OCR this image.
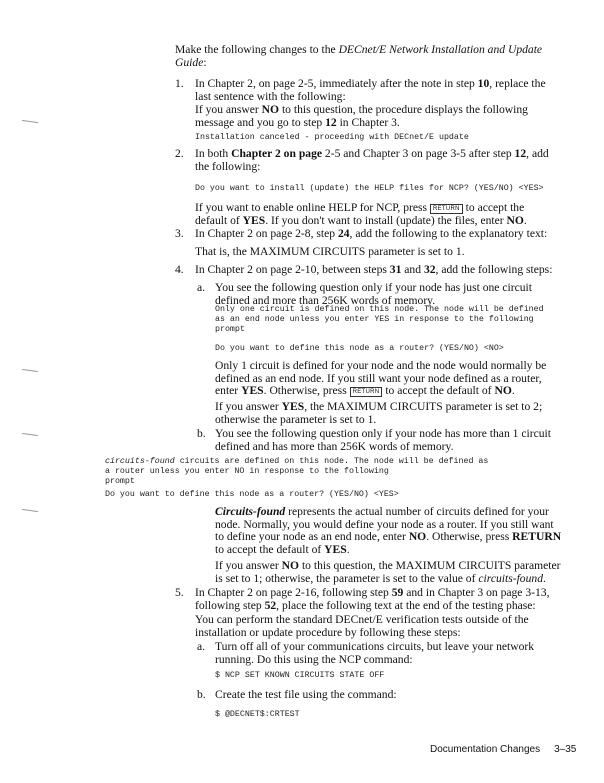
Make the following changes to the DECnet/E Network Installation and Update Guide:
1. In Chapter 2, on page 2-5, immediately after the note in step 10, replace the last sentence with the following:
If you answer NO to this question, the procedure displays the following message and you go to step 12 in Chapter 3.
Installation canceled - proceeding with DECnet/E update
2. In both Chapter 2 on page 2-5 and Chapter 3 on page 3-5 after step 12, add the following:
Do you want to install (update) the HELP files for NCP? (YES/NO) <YES>
If you want to enable online HELP for NCP, press RETURN to accept the default of YES. If you don't want to install (update) the files, enter NO.
3. In Chapter 2 on page 2-8, step 24, add the following to the explanatory text:
That is, the MAXIMUM CIRCUITS parameter is set to 1.
4. In Chapter 2 on page 2-10, between steps 31 and 32, add the following steps:
a. You see the following question only if your node has just one circuit defined and more than 256K words of memory.
Only one circuit is defined on this node. The node will be defined
as an end node unless you enter YES in response to the following
prompt
Do you want to define this node as a router? (YES/NO) <NO>
Only 1 circuit is defined for your node and the node would normally be defined as an end node. If you still want your node defined as a router, enter YES. Otherwise, press RETURN to accept the default of NO.
If you answer YES, the MAXIMUM CIRCUITS parameter is set to 2; otherwise the parameter is set to 1.
b. You see the following question only if your node has more than 1 circuit defined and has more than 256K words of memory.
circuits-found circuits are defined on this node. The node will be defined as
a router unless you enter NO in response to the following
prompt
Do you want to define this node as a router? (YES/NO) <YES>
Circuits-found represents the actual number of circuits defined for your node. Normally, you would define your node as a router. If you still want to define your node as an end node, enter NO. Otherwise, press RETURN to accept the default of YES.
If you answer NO to this question, the MAXIMUM CIRCUITS parameter is set to 1; otherwise, the parameter is set to the value of circuits-found.
5. In Chapter 2 on page 2-16, following step 59 and in Chapter 3 on page 3-13, following step 52, place the following text at the end of the testing phase:
You can perform the standard DECnet/E verification tests outside of the installation or update procedure by following these steps:
a. Turn off all of your communications circuits, but leave your network running. Do this using the NCP command:
$ NCP SET KNOWN CIRCUITS STATE OFF
b. Create the test file using the command:
$ @DECNET$:CRTEST
Documentation Changes 3–35
